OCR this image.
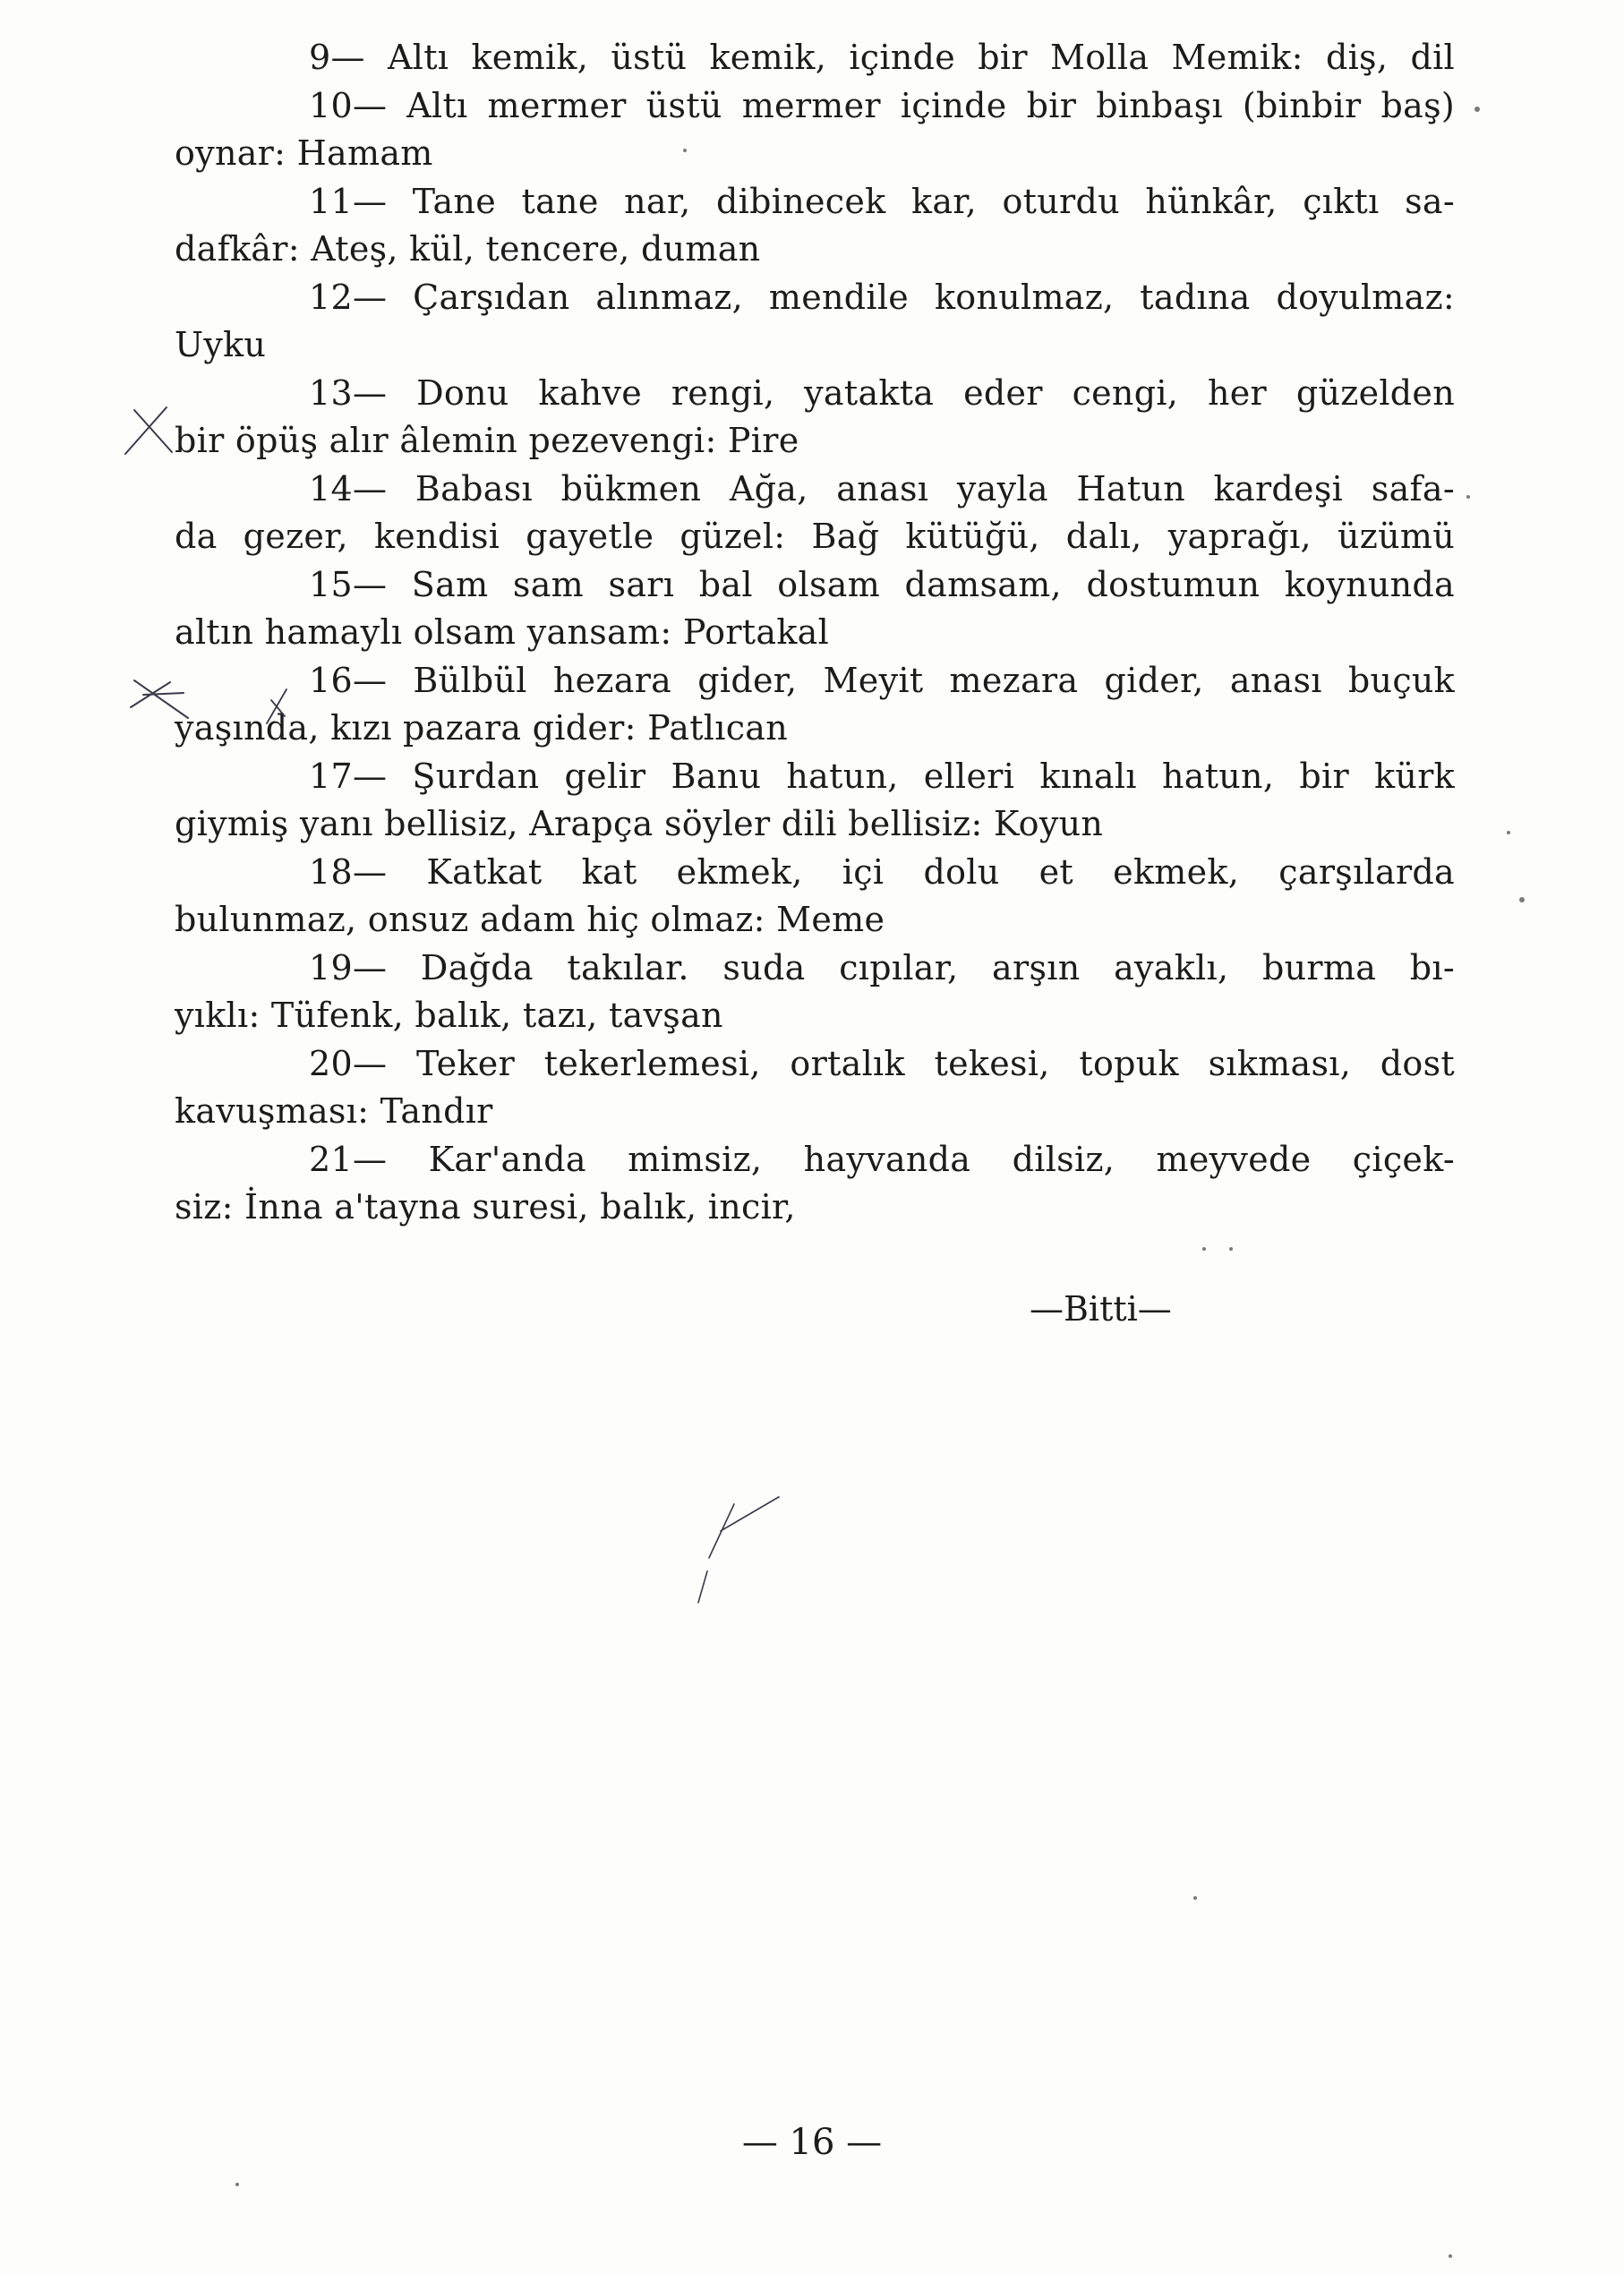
9— Altı kemik, üstü kemik, içinde bir Molla Memik: diş, dil
10— Altı mermer üstü mermer içinde bir binbaşı (binbir baş)
oynar: Hamam
11— Tane tane nar, dibinecek kar, oturdu hünkâr, çıktı sa-
dafkâr: Ateş, kül, tencere, duman
12— Çarşıdan alınmaz, mendile konulmaz, tadına doyulmaz:
Uyku
13— Donu kahve rengi, yatakta eder cengi, her güzelden
bir öpüş alır âlemin pezevengi: Pire
14— Babası bükmen Ağa, anası yayla Hatun kardeşi safa-
da gezer, kendisi gayetle güzel: Bağ kütüğü, dalı, yaprağı, üzümü
15— Sam sam sarı bal olsam damsam, dostumun koynunda
altın hamaylı olsam yansam: Portakal
16— Bülbül hezara gider, Meyit mezara gider, anası buçuk
yaşında, kızı pazara gider: Patlıcan
17— Şurdan gelir Banu hatun, elleri kınalı hatun, bir kürk
giymiş yanı bellisiz, Arapça söyler dili bellisiz: Koyun
18— Katkat kat ekmek, içi dolu et ekmek, çarşılarda
bulunmaz, onsuz adam hiç olmaz: Meme
19— Dağda takılar. suda cıpılar, arşın ayaklı, burma bı-
yıklı: Tüfenk, balık, tazı, tavşan
20— Teker tekerlemesi, ortalık tekesi, topuk sıkması, dost
kavuşması: Tandır
21— Kar'anda mimsiz, hayvanda dilsiz, meyvede çiçek-
siz: İnna a'tayna suresi, balık, incir,
—Bitti—
— 16 —
